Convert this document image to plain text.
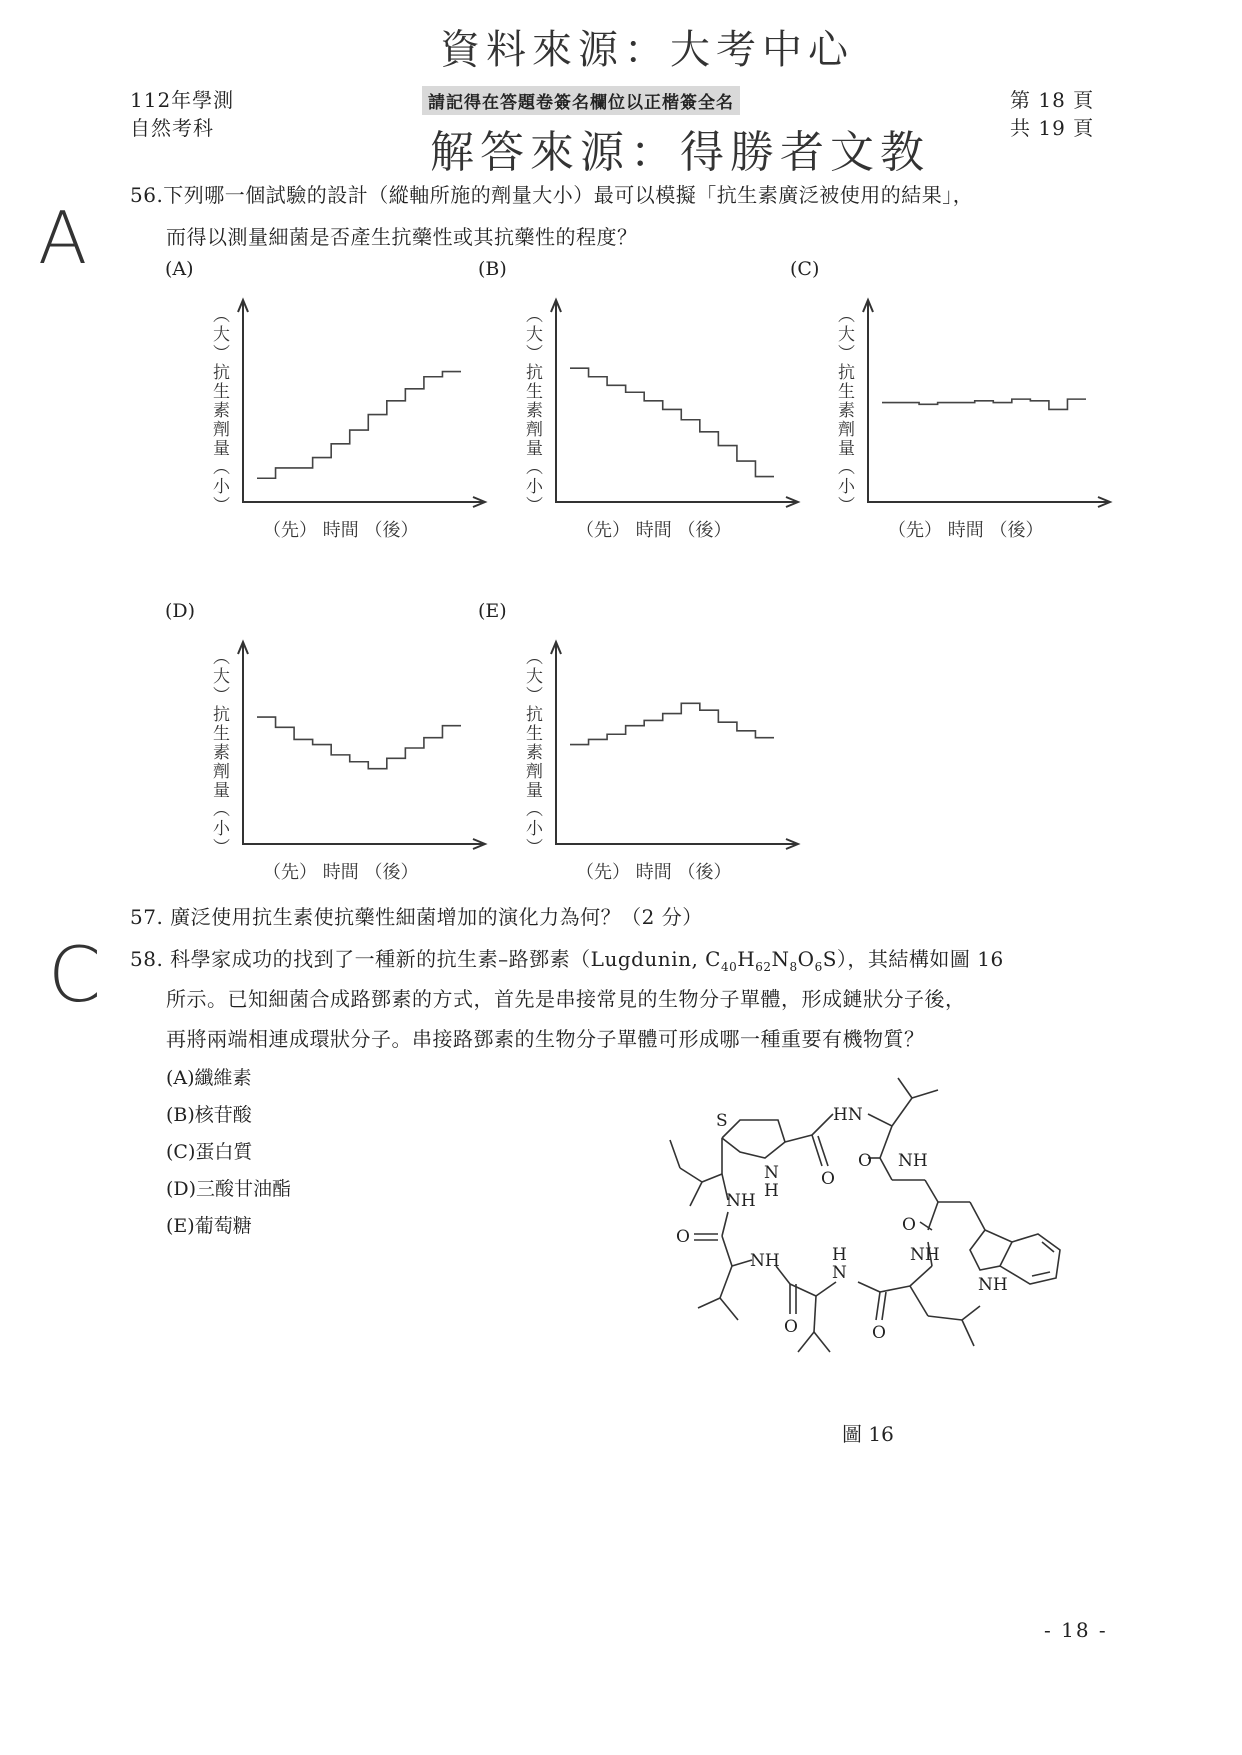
112年學測
自然考科
第 18 頁
共 19 頁
請記得在答題卷簽名欄位以正楷簽全名
資料來源：大考中心
解答來源：得勝者文教
A
C
56.下列哪一個試驗的設計（縱軸所施的劑量大小）最可以模擬「抗生素廣泛被使用的結果」，
而得以測量細菌是否產生抗藥性或其抗藥性的程度？
(A)
（大）抗生素劑量（小）
（先） 時間 （後）
(B)
（大）抗生素劑量（小）
（先） 時間 （後）
(C)
（大）抗生素劑量（小）
（先） 時間 （後）
(D)
（大）抗生素劑量（小）
（先） 時間 （後）
(E)
（大）抗生素劑量（小）
（先） 時間 （後）
57. 廣泛使用抗生素使抗藥性細菌增加的演化力為何？（2 分）
58. 科學家成功的找到了一種新的抗生素–路鄧素（Lugdunin, $C_{40}H_{62}N_8O_6S$），其結構如圖 16
所示。已知細菌合成路鄧素的方式，首先是串接常見的生物分子單體，形成鏈狀分子後，
再將兩端相連成環狀分子。串接路鄧素的生物分子單體可形成哪一種重要有機物質？
(A)纖維素
(B)核苷酸
(C)蛋白質
(D)三酸甘油酯
(E)葡萄糖
S
N
H
HN
O
O NH
O
NH
NH
NH
O
NH	H
N
O	O
圖 16
- 18 -
